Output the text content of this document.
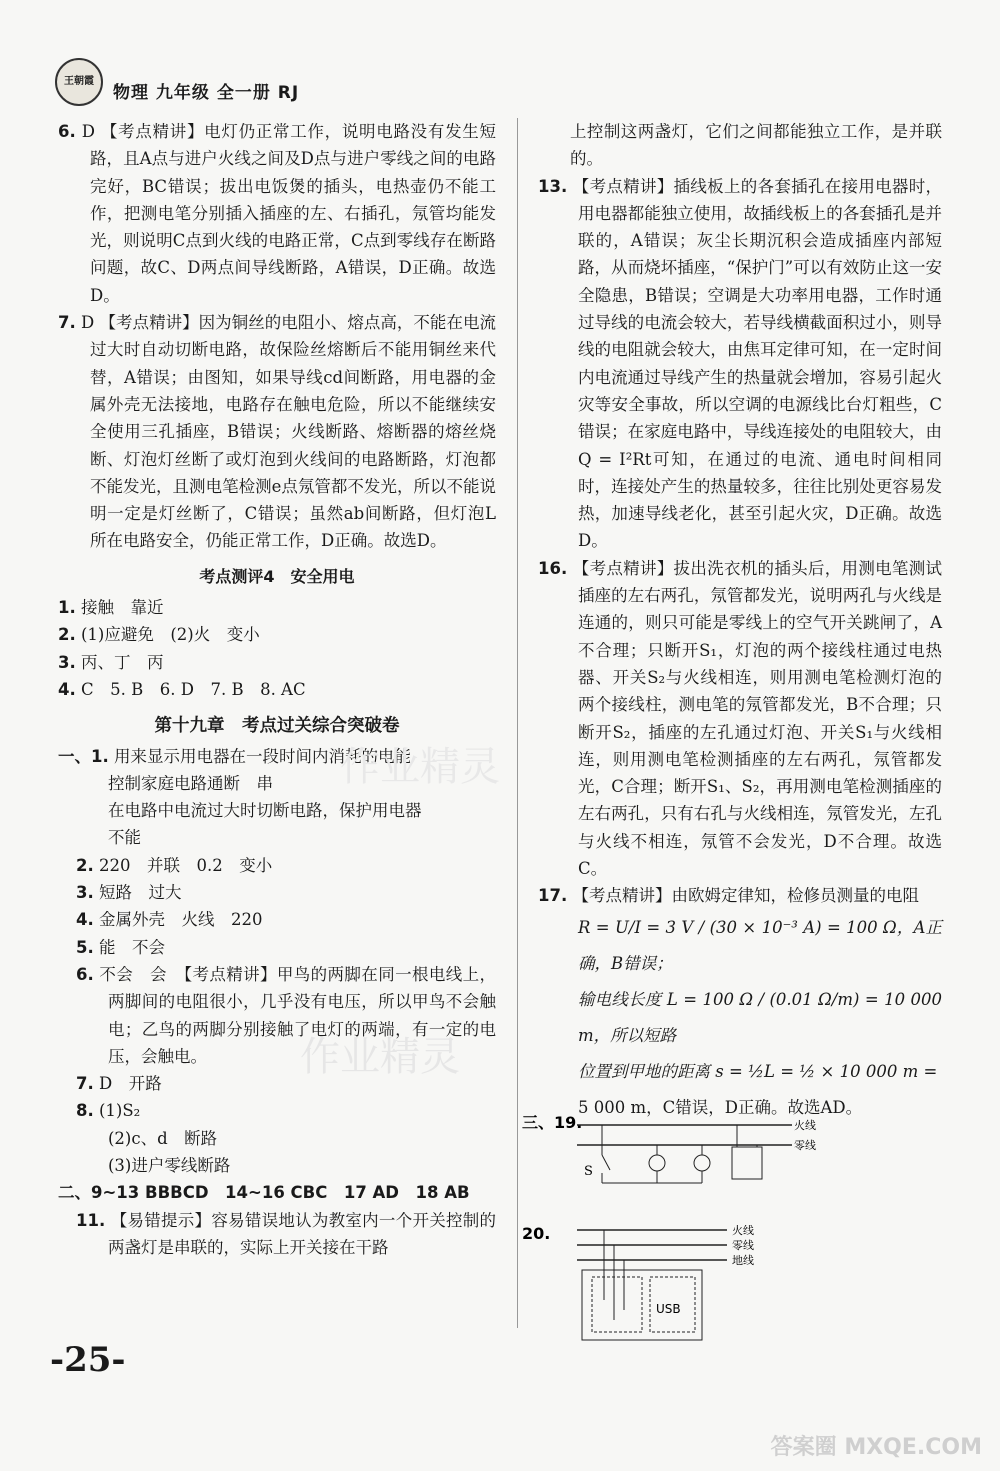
王朝霞
物理 九年级 全一册 RJ

6. D 【考点精讲】电灯仍正常工作，说明电路没有发生短路，且A点与进户火线之间及D点与进户零线之间的电路完好，BC错误；拔出电饭煲的插头，电热壶仍不能工作，把测电笔分别插入插座的左、右插孔，氖管均能发光，则说明C点到火线的电路正常，C点到零线存在断路问题，故C、D两点间导线断路，A错误，D正确。故选D。

7. D 【考点精讲】因为铜丝的电阻小、熔点高，不能在电流过大时自动切断电路，故保险丝熔断后不能用铜丝来代替，A错误；由图知，如果导线cd间断路，用电器的金属外壳无法接地，电路存在触电危险，所以不能继续安全使用三孔插座，B错误；火线断路、熔断器的熔丝烧断、灯泡灯丝断了或灯泡到火线间的电路断路，灯泡都不能发光，且测电笔检测e点氖管都不发光，所以不能说明一定是灯丝断了，C错误；虽然ab间断路，但灯泡L所在电路安全，仍能正常工作，D正确。故选D。

考点测评4　安全用电

1. 接触　靠近

2. (1)应避免　(2)火　变小

3. 丙、丁　丙

4. C　5. B　6. D　7. B　8. AC

第十九章　考点过关综合突破卷

一、1. 用来显示用电器在一段时间内消耗的电能

控制家庭电路通断　串

在电路中电流过大时切断电路，保护用电器

不能

2. 220　并联　0.2　变小

3. 短路　过大

4. 金属外壳　火线　220

5. 能　不会

6. 不会　会　【考点精讲】甲鸟的两脚在同一根电线上，两脚间的电阻很小，几乎没有电压，所以甲鸟不会触电；乙鸟的两脚分别接触了电灯的两端，有一定的电压，会触电。

7. D　开路

8. (1)S₂

(2)c、d　断路

(3)进户零线断路

二、9~13 BBBCD　14~16 CBC　17 AD　18 AB

11. 【易错提示】容易错误地认为教室内一个开关控制的两盏灯是串联的，实际上开关接在干路

上控制这两盏灯，它们之间都能独立工作，是并联的。

13. 【考点精讲】插线板上的各套插孔在接用电器时，用电器都能独立使用，故插线板上的各套插孔是并联的，A错误；灰尘长期沉积会造成插座内部短路，从而烧坏插座，“保护门”可以有效防止这一安全隐患，B错误；空调是大功率用电器，工作时通过导线的电流会较大，若导线横截面积过小，则导线的电阻就会较大，由焦耳定律可知，在一定时间内电流通过导线产生的热量就会增加，容易引起火灾等安全事故，所以空调的电源线比台灯粗些，C错误；在家庭电路中，导线连接处的电阻较大，由Q = I²Rt可知，在通过的电流、通电时间相同时，连接处产生的热量较多，往往比别处更容易发热，加速导线老化，甚至引起火灾，D正确。故选D。

16. 【考点精讲】拔出洗衣机的插头后，用测电笔测试插座的左右两孔，氖管都发光，说明两孔与火线是连通的，则只可能是零线上的空气开关跳闸了，A不合理；只断开S₁，灯泡的两个接线柱通过电热器、开关S₂与火线相连，则用测电笔检测灯泡的两个接线柱，测电笔的氖管都发光，B不合理；只断开S₂，插座的左孔通过灯泡、开关S₁与火线相连，则用测电笔检测插座的左右两孔，氖管都发光，C合理；断开S₁、S₂，再用测电笔检测插座的左右两孔，只有右孔与火线相连，氖管发光，左孔与火线不相连，氖管不会发光，D不合理。故选C。

17. 【考点精讲】由欧姆定律知，检修员测量的电阻

R = U/I = 3 V / (30 × 10⁻³ A) = 100 Ω，A正确，B错误；

输电线长度 L = 100 Ω / (0.01 Ω/m) = 10 000 m，所以短路

位置到甲地的距离 s = ½L = ½ × 10 000 m =

5 000 m，C错误，D正确。故选AD。

三、19.	火线
零线
S
20.	火线
零线
地线
USB
作业精灵
作业精灵
-25-
答案圈 MXQE.COM
